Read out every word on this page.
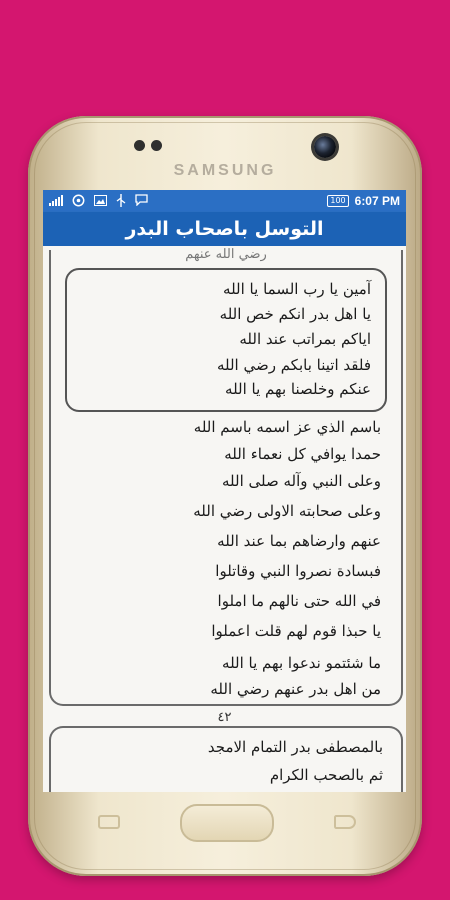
SAMSUNG
100 6:07 PM
التوسل باصحاب البدر
رضي الله عنهم
آمين يا رب السما يا الله
يا اهل بدر انكم خص الله
اياكم بمراتب عند الله
فلقد اتينا بابكم رضي الله
عنكم وخلصنا بهم يا الله
باسم الذي عز اسمه باسم الله
حمدا يوافي كل نعماء الله
وعلى النبي وآله صلى الله
وعلى صحابته الاولى رضي الله
عنهم وارضاهم بما عند الله
فبسادة نصروا النبي وقاتلوا
في الله حتى نالهم ما املوا
يا حبذا قوم لهم قلت اعملوا
ما شئتمو ندعوا بهم يا الله
من اهل بدر عنهم رضي الله
٤٢
بالمصطفى بدر التمام الامجد
ثم بالصحب الكرام
